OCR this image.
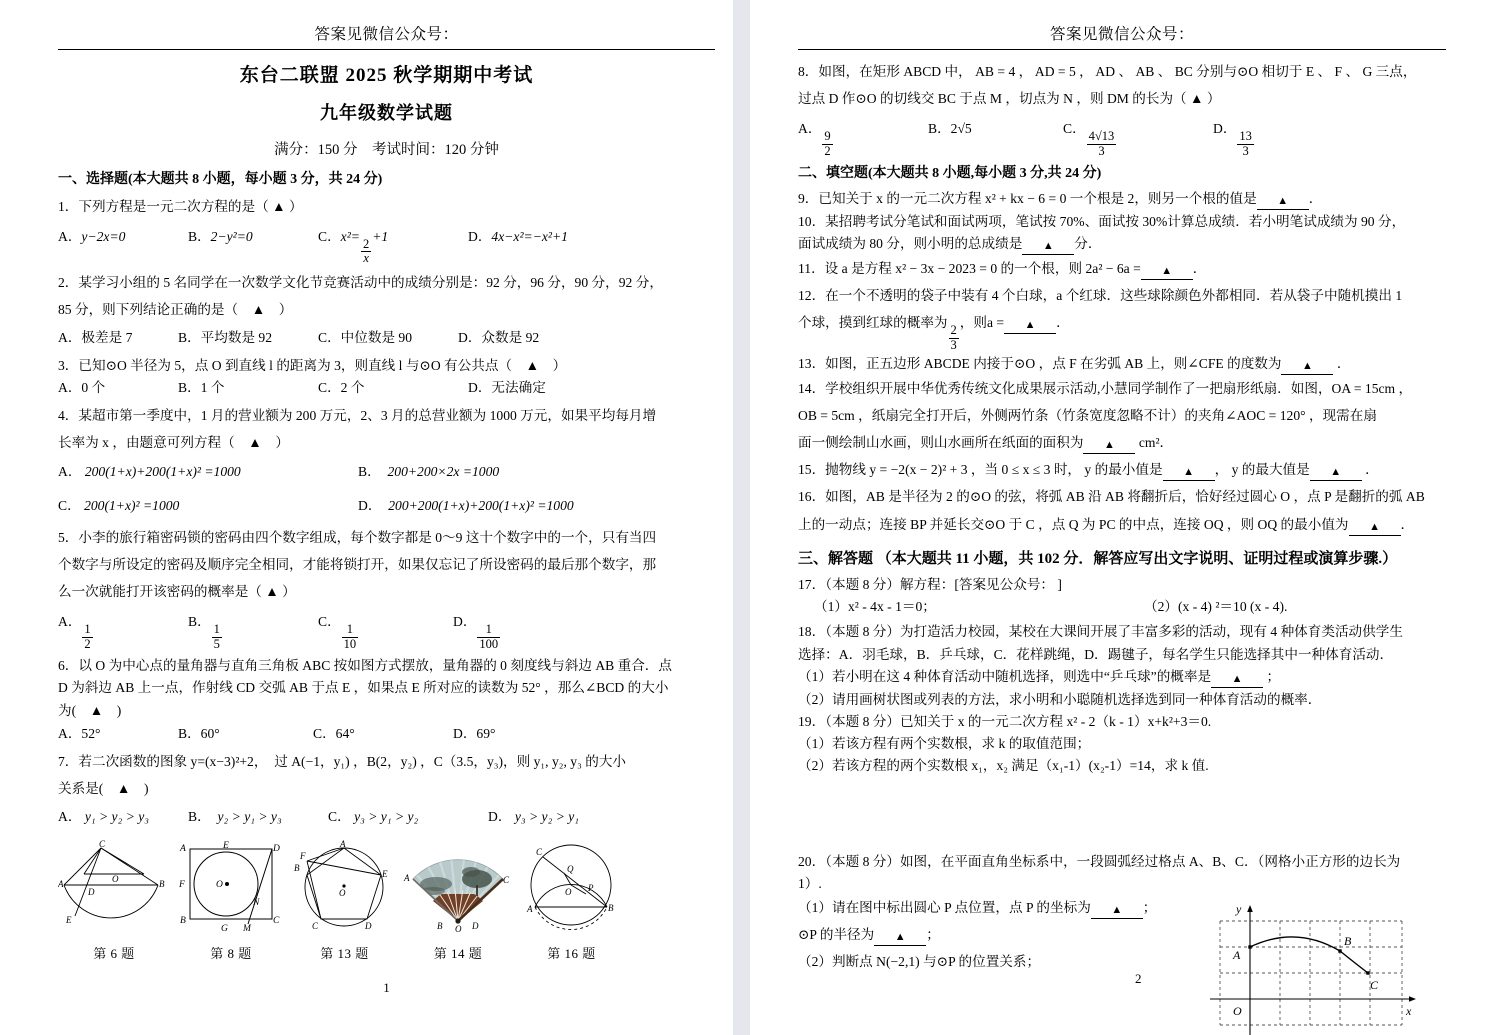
答案见微信公众号：
东台二联盟 2025 秋学期期中考试
九年级数学试题
满分：150 分　考试时间：120 分钟
一、选择题(本大题共 8 小题，每小题 3 分，共 24 分)
1．下列方程是一元二次方程的是（ ▲ ）
A．y−2x=0	B．2−y²=0	C．x²=
$\frac{2}{x}$
+1	D．4x−x²=−x²+1
2．某学习小组的 5 名同学在一次数学文化节竞赛活动中的成绩分别是：92 分，96 分，90 分，92 分，
85 分，则下列结论正确的是（　▲　）
A．极差是 7	B．平均数是 92	C．中位数是 90	D．众数是 92
3．已知⊙O 半径为 5，点 O 到直线 l 的距离为 3，则直线 l 与⊙O 有公共点（　▲　）
A．0 个	B．1 个	C．2 个	D．无法确定
4．某超市第一季度中，1 月的营业额为 200 万元，2、3 月的总营业额为 1000 万元，如果平均每月增
长率为 x ，由题意可列方程（　▲　）
A． 200(1+x)+200(1+x)² =1000	B．  200+200×2x =1000
C． 200(1+x)² =1000	D．  200+200(1+x)+200(1+x)² =1000
5．小李的旅行箱密码锁的密码由四个数字组成，每个数字都是 0～9 这十个数字中的一个，只有当四
个数字与所设定的密码及顺序完全相同，才能将锁打开，如果仅忘记了所设密码的最后那个数字，那
么一次就能打开该密码的概率是（ ▲ ）
A．
$\frac{1}{2}$
B．
$\frac{1}{5}$
C．
$\frac{1}{10}$
D．
$\frac{1}{100}$
6．以 O 为中心点的量角器与直角三角板 ABC 按如图方式摆放，量角器的 0 刻度线与斜边 AB 重合．点
D 为斜边 AB 上一点，作射线 CD 交弧 AB 于点 E ，如果点 E 所对应的读数为 52° ，那么∠BCD 的大小
为(　▲　)
A．52°	B．60°	C．64°	D．69°
7．若二次函数的图象 y=(x−3)²+2，　过 A(−1，y₁) ，B(2，y₂) ，C（3.5，y₃)，则 y₁, y₂, y₃ 的大小
关系是(　▲　)
A． y₁ > y₂ > y₃	B．  y₂ > y₁ > y₃	C． y₃ > y₁ > y₂	D． y₃ > y₂ > y₁
C
A	B
D
O
E
第 6 题
A	D
B	C
E
F
G M
N
O
第 8 题
A
B
C	D
E
F
O
第 13 题
A
B
C
D
O
第 14 题
C
Q
P
O
A	B
第 16 题
1
答案见微信公众号：
8．如图，在矩形 ABCD 中， AB = 4 ， AD = 5 ， AD 、 AB 、 BC 分别与⊙O 相切于 E 、 F 、 G 三点，
过点 D 作⊙O 的切线交 BC 于点 M ，切点为 N ，则 DM 的长为（ ▲ ）
A．
$\frac{9}{2}$
B．2√5	C．
$\frac{4√13}{3}$
D．
$\frac{13}{3}$
二、填空题(本大题共 8 小题,每小题 3 分,共 24 分)
9．已知关于 x 的一元二次方程 x² + kx − 6 = 0 一个根是 2，则另一个根的值是 ▲ ．
10．某招聘考试分笔试和面试两项，笔试按 70%、面试按 30%计算总成绩．若小明笔试成绩为 90 分，
面试成绩为 80 分，则小明的总成绩是 ▲ 分．
11．设 a 是方程 x² − 3x − 2023 = 0 的一个根，则 2a² − 6a = ▲ ．
12．在一个不透明的袋子中装有 4 个白球，a 个红球．这些球除颜色外都相同．若从袋子中随机摸出 1
个球，摸到红球的概率为
$\frac{2}{3}$
，则a = ▲ ．
13．如图，正五边形 ABCDE 内接于⊙O ，点 F 在劣弧 AB 上，则∠CFE 的度数为 ▲ ．
14．学校组织开展中华优秀传统文化成果展示活动,小慧同学制作了一把扇形纸扇．如图，OA = 15cm ，
OB = 5cm ，纸扇完全打开后，外侧两竹条（竹条宽度忽略不计）的夹角∠AOC = 120° ，现需在扇
面一侧绘制山水画，则山水画所在纸面的面积为 ▲ cm²．
15．抛物线 y = −2(x − 2)² + 3 ，当 0 ≤ x ≤ 3 时， y 的最小值是 ▲ ， y 的最大值是 ▲ ．
16．如图，AB 是半径为 2 的⊙O 的弦，将弧 AB 沿 AB 将翻折后，恰好经过圆心 O ，点 P 是翻折的弧 AB
上的一动点；连接 BP 并延长交⊙O 于 C ，点 Q 为 PC 的中点，连接 OQ ，则 OQ 的最小值为 ▲ ．
三、解答题 （本大题共 11 小题，共 102 分．解答应写出文字说明、证明过程或演算步骤.）
17．（本题 8 分）解方程：[答案见公众号： ]
（1）x² - 4x - 1＝0；	（2）(x - 4) ²＝10 (x - 4).
18．（本题 8 分）为打造活力校园，某校在大课间开展了丰富多彩的活动，现有 4 种体育类活动供学生
选择：A．羽毛球，B．乒乓球，C．花样跳绳，D．踢毽子，每名学生只能选择其中一种体育活动．
（1）若小明在这 4 种体育活动中随机选择，则选中“乒乓球”的概率是 ▲ ；
（2）请用画树状图或列表的方法，求小明和小聪随机选择选到同一种体育活动的概率．
19．（本题 8 分）已知关于 x 的一元二次方程 x² - 2（k - 1）x+k²+3＝0.
（1）若该方程有两个实数根，求 k 的取值范围；
（2）若该方程的两个实数根 x₁，x₂ 满足（x₁-1）(x₂-1）=14，求 k 值.
20．（本题 8 分）如图，在平面直角坐标系中，一段圆弧经过格点 A、B、C．（网格小正方形的边长为
1）.
（1）请在图中标出圆心 P 点位置，点 P 的坐标为 ▲ ；
⊙P 的半径为 ▲ ；
（2）判断点 N(−2,1) 与⊙P 的位置关系；
y
x
O
A
B
C
2
